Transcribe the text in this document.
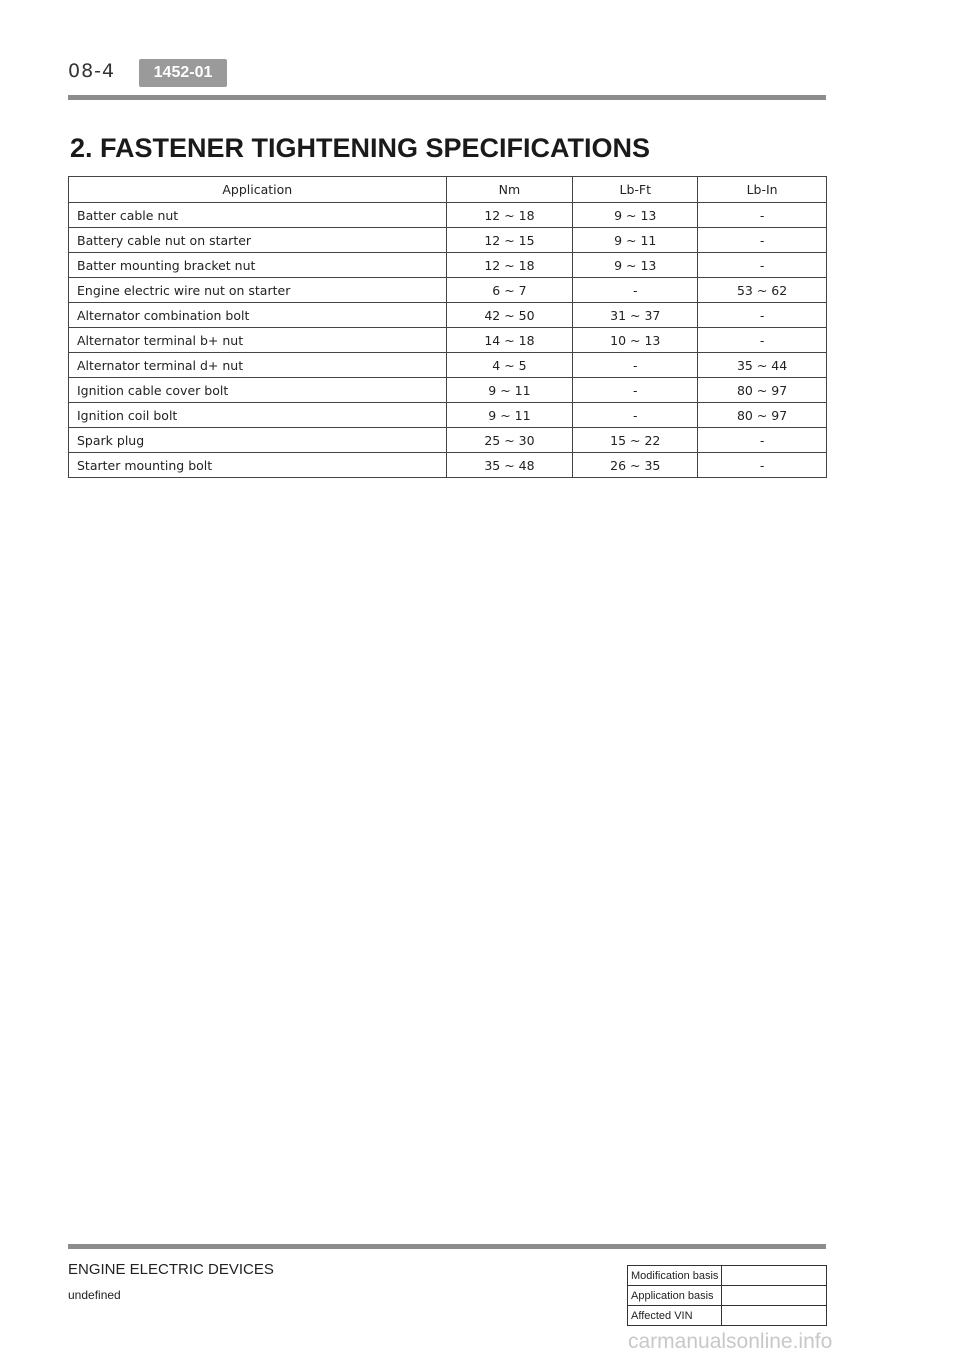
08-4	1452-01
2. FASTENER TIGHTENING SPECIFICATIONS
Application	Nm	Lb-Ft	Lb-In
Batter cable nut	12 ~ 18	9 ~ 13	-
Battery cable nut on starter	12 ~ 15	9 ~ 11	-
Batter mounting bracket nut	12 ~ 18	9 ~ 13	-
Engine electric wire nut on starter	6 ~ 7	-	53 ~ 62
Alternator combination bolt	42 ~ 50	31 ~ 37	-
Alternator terminal b+ nut	14 ~ 18	10 ~ 13	-
Alternator terminal d+ nut	4 ~ 5	-	35 ~ 44
Ignition cable cover bolt	9 ~ 11	-	80 ~ 97
Ignition coil bolt	9 ~ 11	-	80 ~ 97
Spark plug	25 ~ 30	15 ~ 22	-
Starter mounting bolt	35 ~ 48	26 ~ 35	-
ENGINE ELECTRIC DEVICES
undefined
Modification basis	
Application basis	
Affected VIN	
carmanualsonline.info
